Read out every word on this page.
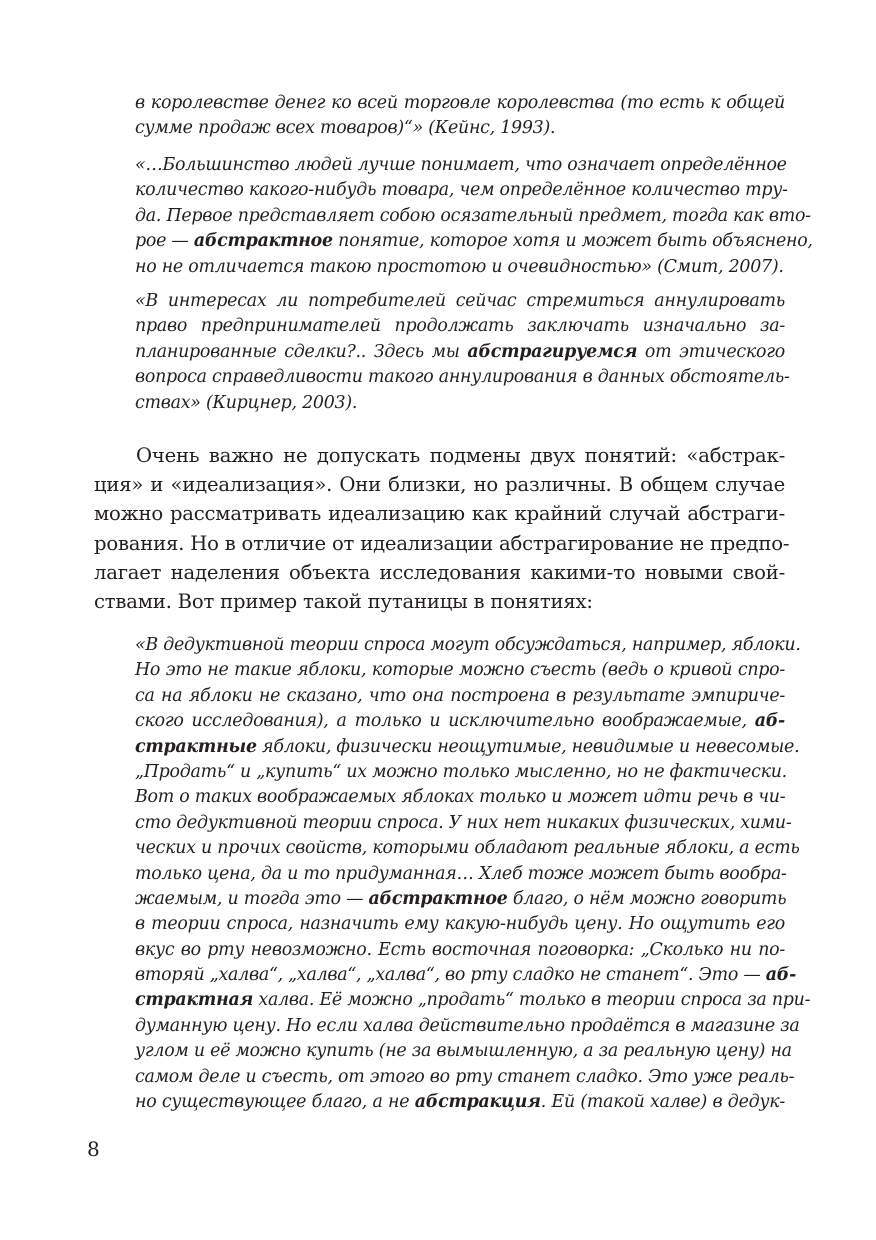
в королевстве денег ко всей торговле королевства (то есть к общей
сумме продаж всех товаров)“» (Кейнс, 1993).
«…Большинство людей лучше понимает, что означает определённое
количество какого-нибудь товара, чем определённое количество тру-
да. Первое представляет собою осязательный предмет, тогда как вто-
рое — абстрактное понятие, которое хотя и может быть объяснено,
но не отличается такою простотою и очевидностью» (Смит, 2007).
«В интересах ли потребителей сейчас стремиться аннулировать
право предпринимателей продолжать заключать изначально за-
планированные сделки?.. Здесь мы абстрагируемся от этического
вопроса справедливости такого аннулирования в данных обстоятель-
ствах» (Кирцнер, 2003).
Очень важно не допускать подмены двух понятий: «абстрак-
ция» и «идеализация». Они близки, но различны. В общем случае
можно рассматривать идеализацию как крайний случай абстраги-
рования. Но в отличие от идеализации абстрагирование не предпо-
лагает наделения объекта исследования какими-то новыми свой-
ствами. Вот пример такой путаницы в понятиях:
«В дедуктивной теории спроса могут обсуждаться, например, яблоки.
Но это не такие яблоки, которые можно съесть (ведь о кривой спро-
са на яблоки не сказано, что она построена в результате эмпириче-
ского исследования), а только и исключительно воображаемые, аб-
страктные яблоки, физически неощутимые, невидимые и невесомые.
„Продать“ и „купить“ их можно только мысленно, но не фактически.
Вот о таких воображаемых яблоках только и может идти речь в чи-
сто дедуктивной теории спроса. У них нет никаких физических, хими-
ческих и прочих свойств, которыми обладают реальные яблоки, а есть
только цена, да и то придуманная… Хлеб тоже может быть вообра-
жаемым, и тогда это — абстрактное благо, о нём можно говорить
в теории спроса, назначить ему какую-нибудь цену. Но ощутить его
вкус во рту невозможно. Есть восточная поговорка: „Сколько ни по-
вторяй „халва“, „халва“, „халва“, во рту сладко не станет“. Это — аб-
страктная халва. Её можно „продать“ только в теории спроса за при-
думанную цену. Но если халва действительно продаётся в магазине за
углом и её можно купить (не за вымышленную, а за реальную цену) на
самом деле и съесть, от этого во рту станет сладко. Это уже реаль-
но существующее благо, а не абстракция. Ей (такой халве) в дедук-
8
